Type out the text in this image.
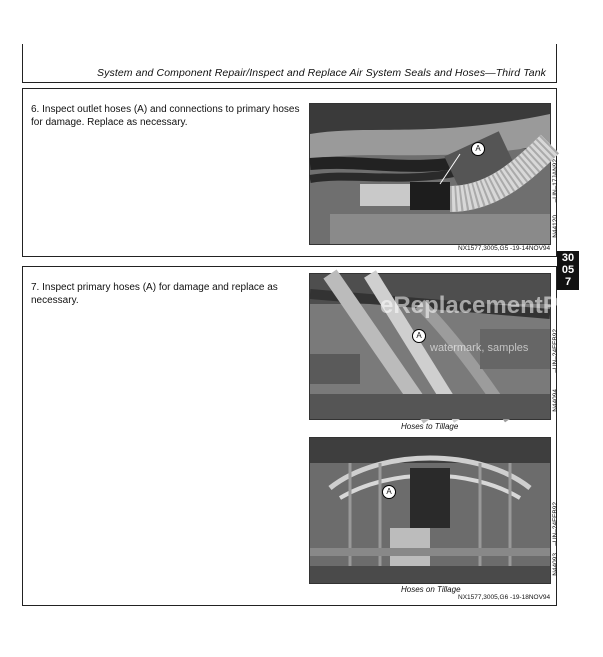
System and Component Repair/Inspect and Replace Air System Seals and Hoses—Third Tank
30
05
7
6. Inspect outlet hoses (A) and connections to primary hoses for damage. Replace as necessary.
A
–UN–17JAN92
N44120
NX1577,3005,G5 -19-14NOV94
7. Inspect primary hoses (A) for damage and replace as necessary.
A
eReplacementParts
watermark, samples
Hoses to Tillage
–UN–24FEB92
N44094
A
Hoses on Tillage
–UN–24FEB92
N44093
NX1577,3005,G6 -19-18NOV94
